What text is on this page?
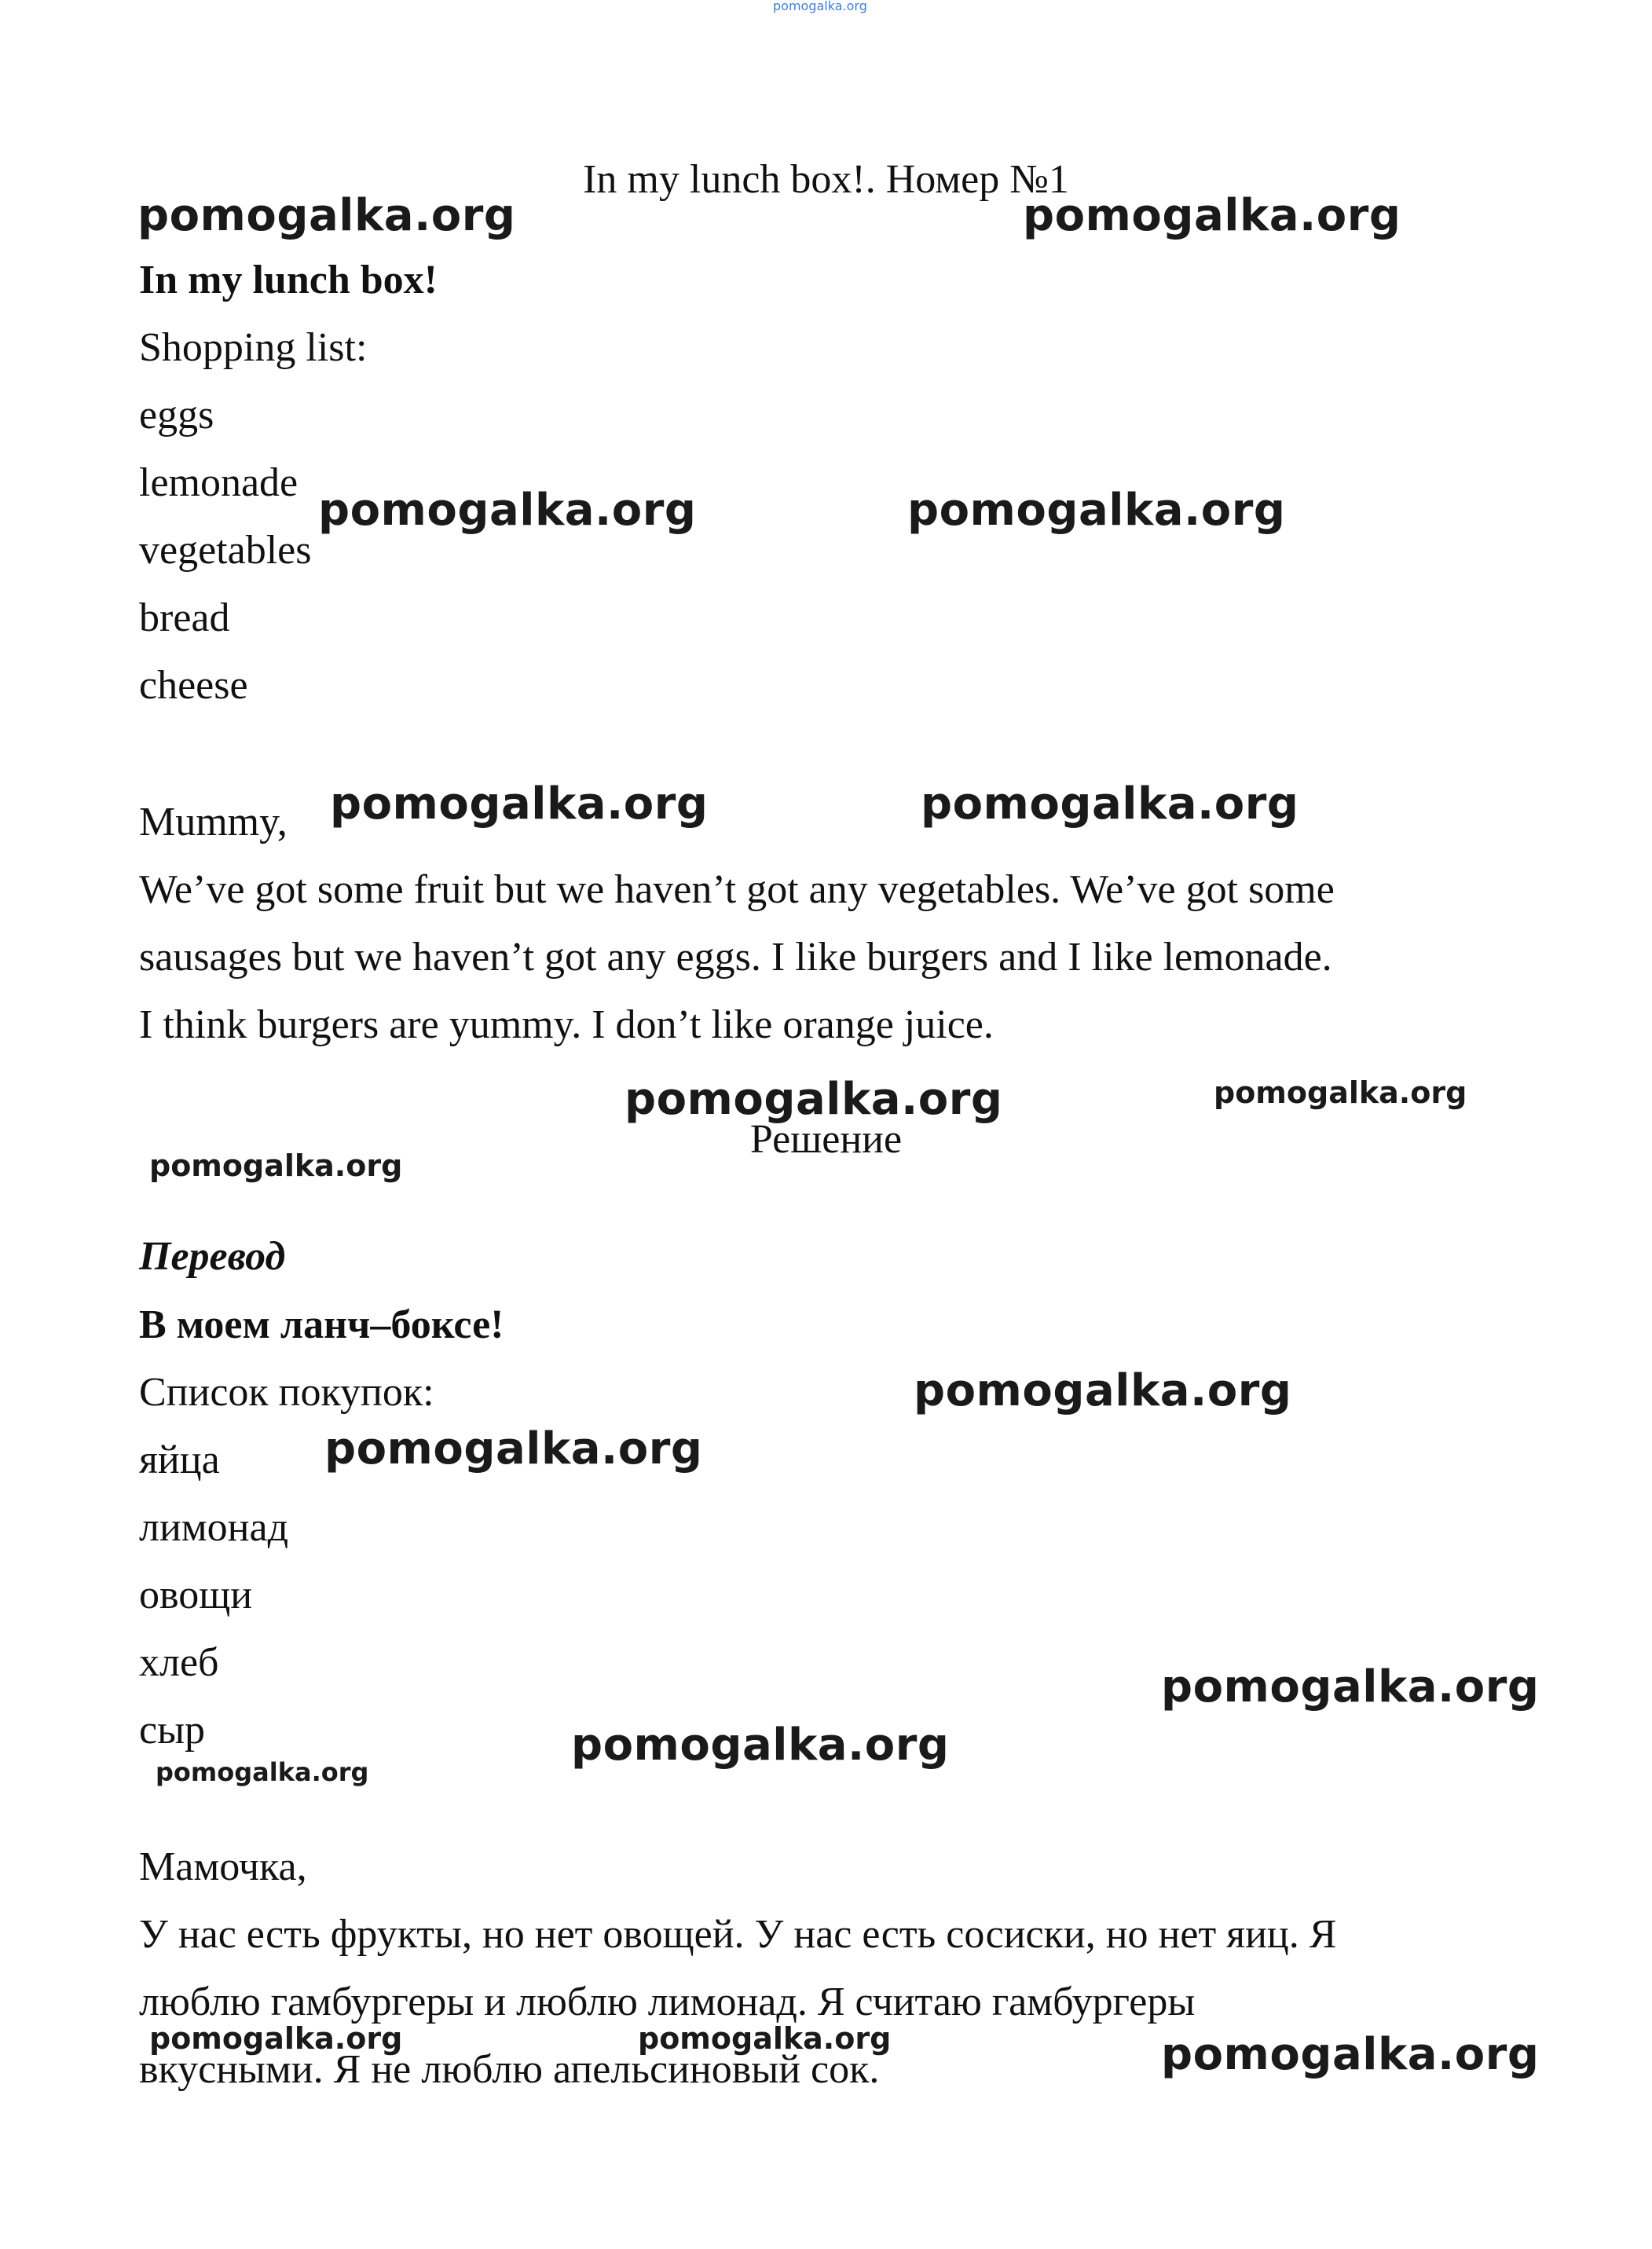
pomogalka.org
In my lunch box!. Номер №1
In my lunch box!
Shopping list:
eggs
lemonade
vegetables
bread
cheese
Mummy,
We’ve got some fruit but we haven’t got any vegetables. We’ve got some
sausages but we haven’t got any eggs. I like burgers and I like lemonade.
I think burgers are yummy. I don’t like orange juice.
Решение
Перевод
В моем ланч–боксе!
Список покупок:
яйца
лимонад
овощи
хлеб
сыр
Мамочка,
У нас есть фрукты, но нет овощей. У нас есть сосиски, но нет яиц. Я
люблю гамбургеры и люблю лимонад. Я считаю гамбургеры
вкусными. Я не люблю апельсиновый сок.
pomogalka.org	pomogalka.org
pomogalka.org	pomogalka.org
pomogalka.org	pomogalka.org
pomogalka.org	pomogalka.org
pomogalka.org
pomogalka.org
pomogalka.org
pomogalka.org
pomogalka.org
pomogalka.org
pomogalka.org	pomogalka.org	pomogalka.org
